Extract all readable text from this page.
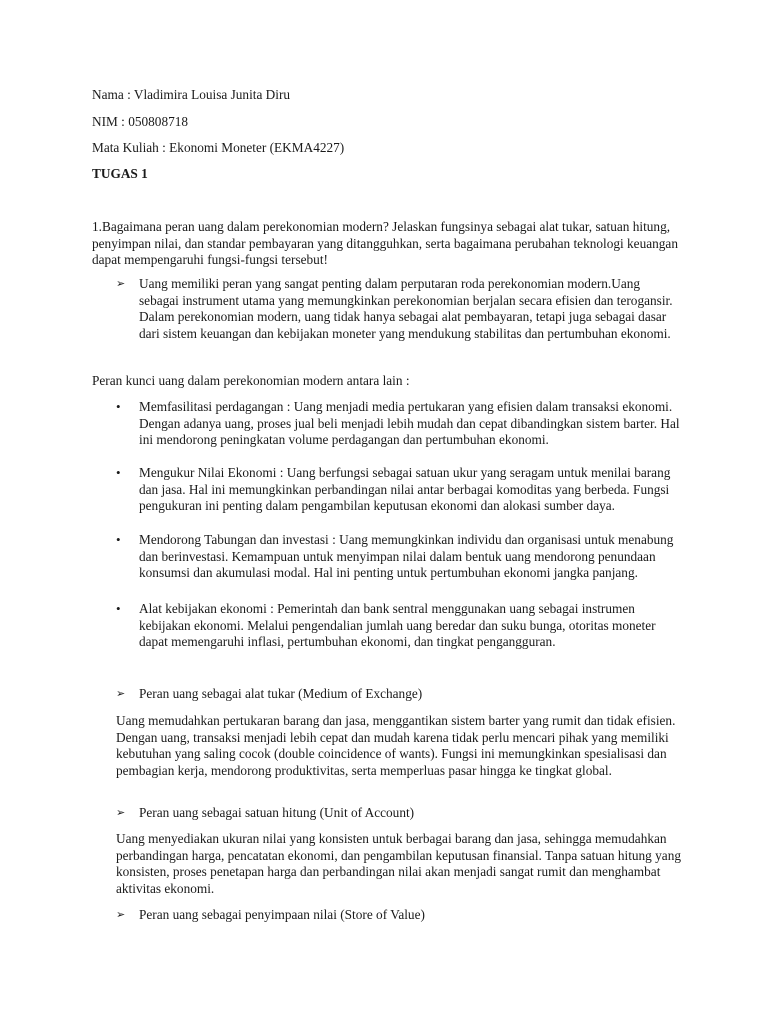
Nama : Vladimira Louisa Junita Diru
NIM : 050808718
Mata Kuliah : Ekonomi Moneter (EKMA4227)
TUGAS 1
1.Bagaimana peran uang dalam perekonomian modern? Jelaskan fungsinya sebagai alat tukar, satuan hitung, penyimpan nilai, dan standar pembayaran yang ditangguhkan, serta bagaimana perubahan teknologi keuangan dapat mempengaruhi fungsi-fungsi tersebut!
➢	Uang memiliki peran yang sangat penting dalam perputaran roda perekonomian modern.Uang sebagai instrument utama yang memungkinkan perekonomian berjalan secara efisien dan terogansir. Dalam perekonomian modern, uang tidak hanya sebagai alat pembayaran, tetapi juga sebagai dasar dari sistem keuangan dan kebijakan moneter yang mendukung stabilitas dan pertumbuhan ekonomi.
Peran kunci uang dalam perekonomian modern antara lain :
•	Memfasilitasi perdagangan : Uang menjadi media pertukaran yang efisien dalam transaksi ekonomi. Dengan adanya uang, proses jual beli menjadi lebih mudah dan cepat dibandingkan sistem barter. Hal ini mendorong peningkatan volume perdagangan dan pertumbuhan ekonomi.
•	Mengukur Nilai Ekonomi : Uang berfungsi sebagai satuan ukur yang seragam untuk menilai barang dan jasa. Hal ini memungkinkan perbandingan nilai antar berbagai komoditas yang berbeda. Fungsi pengukuran ini penting dalam pengambilan keputusan ekonomi dan alokasi sumber daya.
•	Mendorong Tabungan dan investasi : Uang memungkinkan individu dan organisasi untuk menabung dan berinvestasi. Kemampuan untuk menyimpan nilai dalam bentuk uang mendorong penundaan konsumsi dan akumulasi modal. Hal ini penting untuk pertumbuhan ekonomi jangka panjang.
•	Alat kebijakan ekonomi : Pemerintah dan bank sentral menggunakan uang sebagai instrumen kebijakan ekonomi. Melalui pengendalian jumlah uang beredar dan suku bunga, otoritas moneter dapat memengaruhi inflasi, pertumbuhan ekonomi, dan tingkat pengangguran.
➢	Peran uang sebagai alat tukar (Medium of Exchange)
Uang memudahkan pertukaran barang dan jasa, menggantikan sistem barter yang rumit dan tidak efisien. Dengan uang, transaksi menjadi lebih cepat dan mudah karena tidak perlu mencari pihak yang memiliki kebutuhan yang saling cocok (double coincidence of wants). Fungsi ini memungkinkan spesialisasi dan pembagian kerja, mendorong produktivitas, serta memperluas pasar hingga ke tingkat global.
➢	Peran uang sebagai satuan hitung (Unit of Account)
Uang menyediakan ukuran nilai yang konsisten untuk berbagai barang dan jasa, sehingga memudahkan perbandingan harga, pencatatan ekonomi, dan pengambilan keputusan finansial. Tanpa satuan hitung yang konsisten, proses penetapan harga dan perbandingan nilai akan menjadi sangat rumit dan menghambat aktivitas ekonomi.
➢	Peran uang sebagai penyimpaan nilai (Store of Value)
